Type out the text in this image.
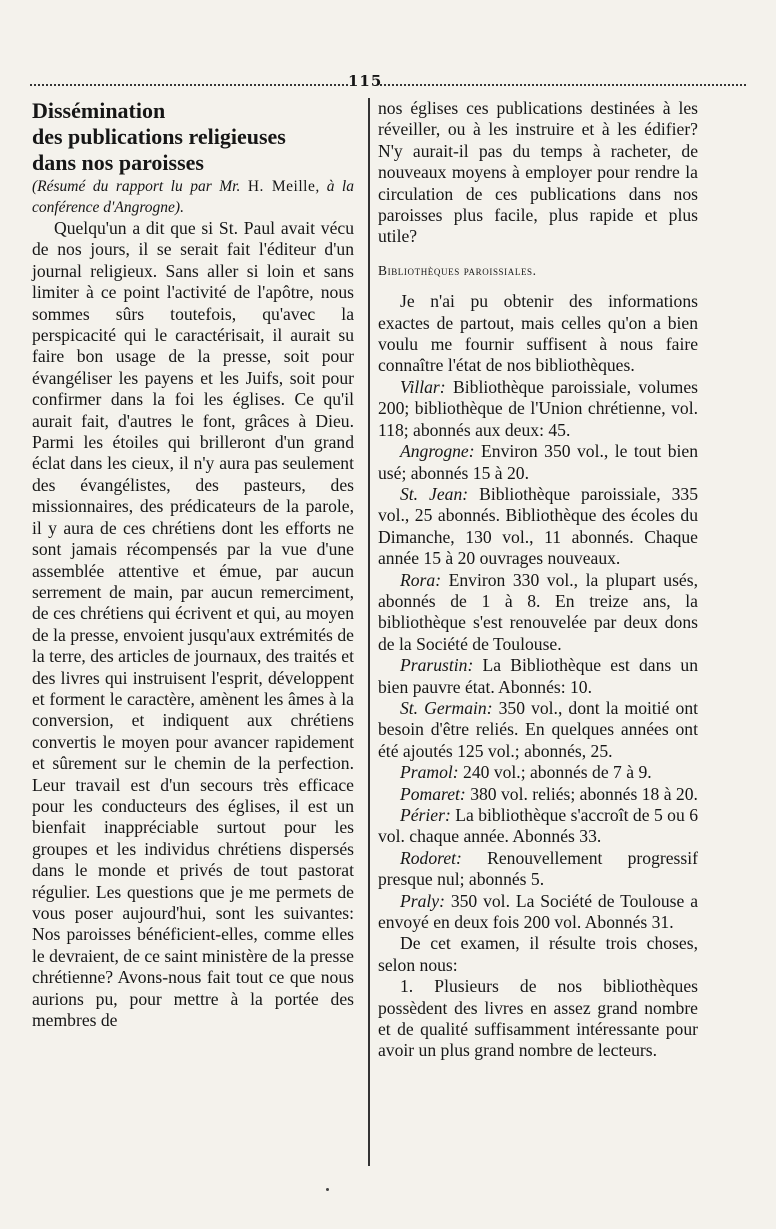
115

Dissémination

des publications religieuses

dans nos paroisses

(Résumé du rapport lu par Mr. H. Meille, à la conférence d'Angrogne).

Quelqu'un a dit que si St. Paul avait vécu de nos jours, il se serait fait l'éditeur d'un journal religieux. Sans aller si loin et sans limiter à ce point l'activité de l'apôtre, nous sommes sûrs toutefois, qu'avec la perspicacité qui le caractérisait, il aurait su faire bon usage de la presse, soit pour évangéliser les payens et les Juifs, soit pour confirmer dans la foi les églises. Ce qu'il aurait fait, d'autres le font, grâces à Dieu. Parmi les étoiles qui brilleront d'un grand éclat dans les cieux, il n'y aura pas seulement des évangélistes, des pasteurs, des missionnaires, des prédicateurs de la parole, il y aura de ces chrétiens dont les efforts ne sont jamais récompensés par la vue d'une assemblée attentive et émue, par aucun serrement de main, par aucun remerciment, de ces chrétiens qui écrivent et qui, au moyen de la presse, envoient jusqu'aux extrémités de la terre, des articles de journaux, des traités et des livres qui instruisent l'esprit, développent et forment le caractère, amènent les âmes à la conversion, et indiquent aux chrétiens convertis le moyen pour avancer rapidement et sûrement sur le chemin de la perfection. Leur travail est d'un secours très efficace pour les conducteurs des églises, il est un bienfait inappréciable surtout pour les groupes et les individus chrétiens dispersés dans le monde et privés de tout pastorat régulier. Les questions que je me permets de vous poser aujourd'hui, sont les suivantes: Nos paroisses bénéficient-elles, comme elles le devraient, de ce saint ministère de la presse chrétienne? Avons-nous fait tout ce que nous aurions pu, pour mettre à la portée des membres de

nos églises ces publications destinées à les réveiller, ou à les instruire et à les édifier? N'y aurait-il pas du temps à racheter, de nouveaux moyens à employer pour rendre la circulation de ces publications dans nos paroisses plus facile, plus rapide et plus utile?

Bibliothèques paroissiales.

Je n'ai pu obtenir des informations exactes de partout, mais celles qu'on a bien voulu me fournir suffisent à nous faire connaître l'état de nos bibliothèques.

Villar: Bibliothèque paroissiale, volumes 200; bibliothèque de l'Union chrétienne, vol. 118; abonnés aux deux: 45.

Angrogne: Environ 350 vol., le tout bien usé; abonnés 15 à 20.

St. Jean: Bibliothèque paroissiale, 335 vol., 25 abonnés. Bibliothèque des écoles du Dimanche, 130 vol., 11 abonnés. Chaque année 15 à 20 ouvrages nouveaux.

Rora: Environ 330 vol., la plupart usés, abonnés de 1 à 8. En treize ans, la bibliothèque s'est renouvelée par deux dons de la Société de Toulouse.

Prarustin: La Bibliothèque est dans un bien pauvre état. Abonnés: 10.

St. Germain: 350 vol., dont la moitié ont besoin d'être reliés. En quelques années ont été ajoutés 125 vol.; abonnés, 25.

Pramol: 240 vol.; abonnés de 7 à 9.

Pomaret: 380 vol. reliés; abonnés 18 à 20.

Périer: La bibliothèque s'accroît de 5 ou 6 vol. chaque année. Abonnés 33.

Rodoret: Renouvellement progressif presque nul; abonnés 5.

Praly: 350 vol. La Société de Toulouse a envoyé en deux fois 200 vol. Abonnés 31.

De cet examen, il résulte trois choses, selon nous:

1. Plusieurs de nos bibliothèques possèdent des livres en assez grand nombre et de qualité suffisamment intéressante pour avoir un plus grand nombre de lecteurs.
